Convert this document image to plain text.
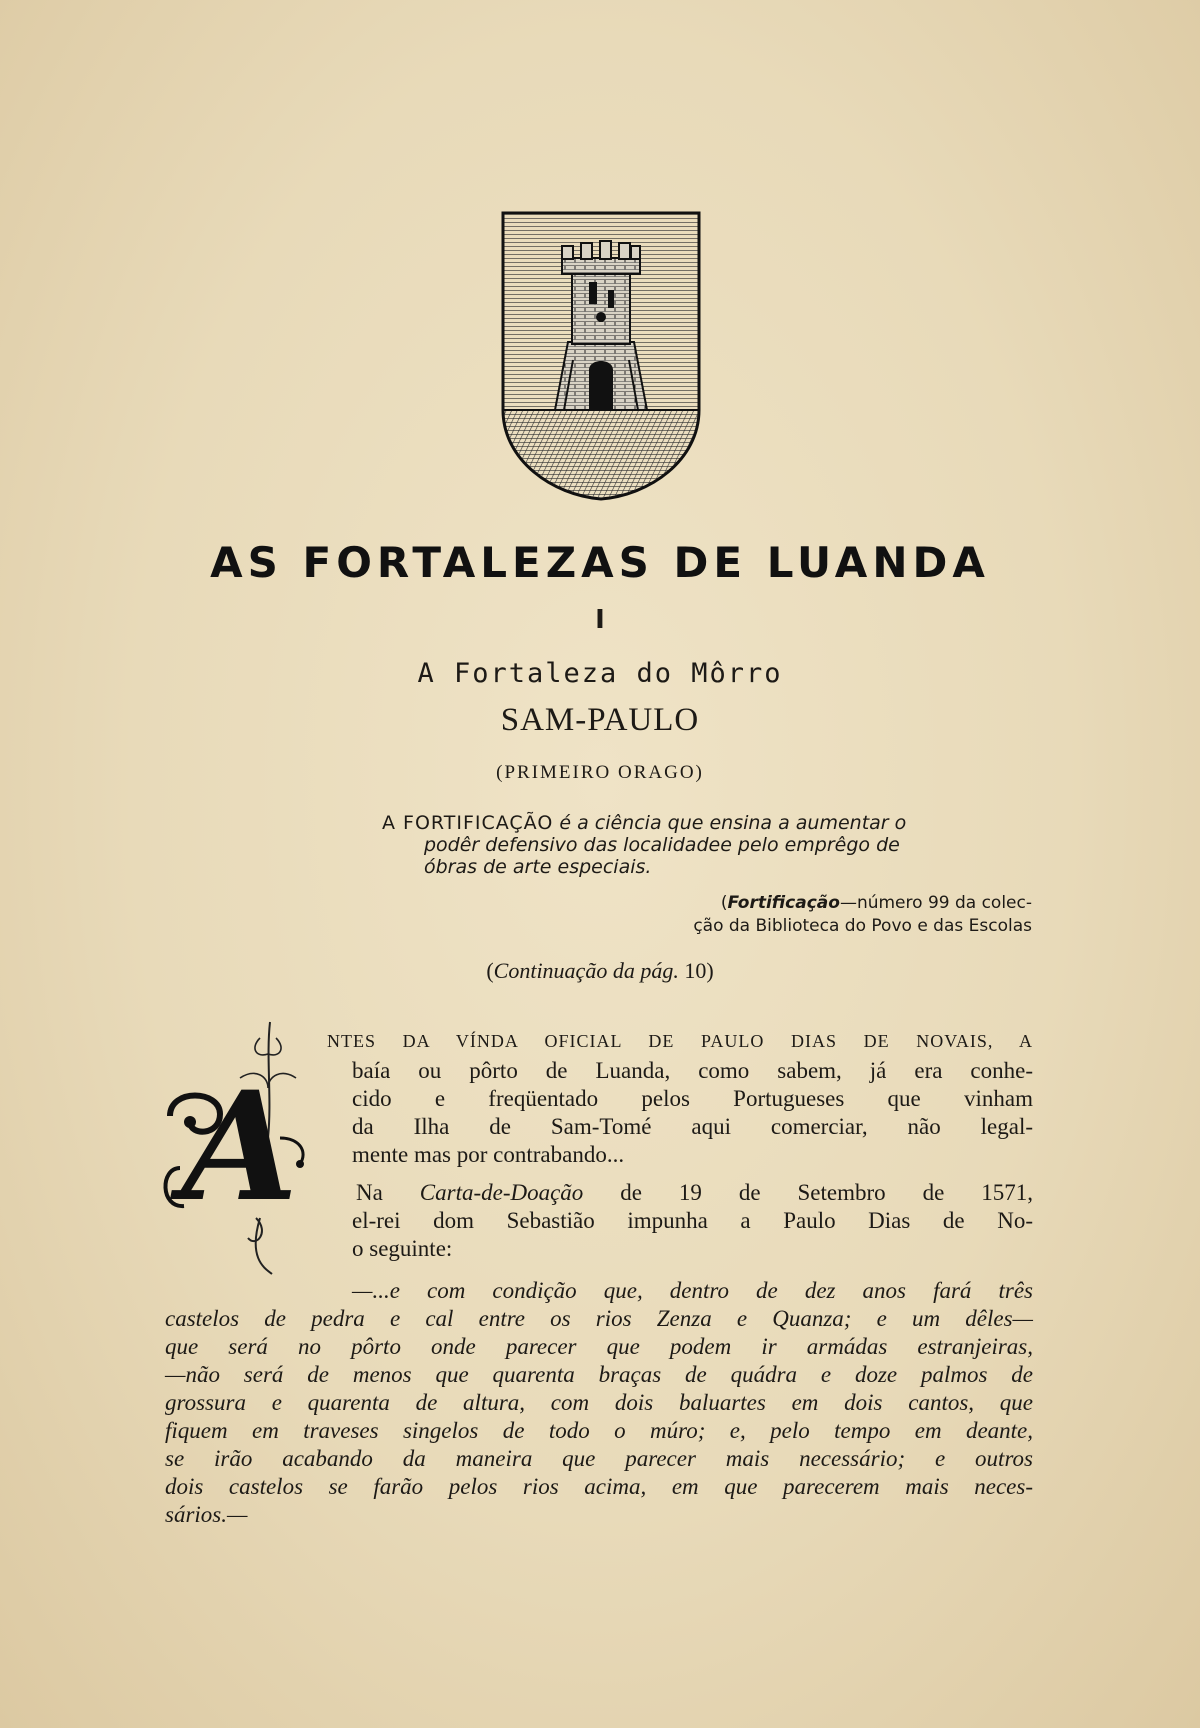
AS FORTALEZAS DE LUANDA
I
A Fortaleza do Môrro
SAM-PAULO
(PRIMEIRO ORAGO)
A FORTIFICAÇÃO é a ciência que ensina a aumentar o
podêr defensivo das localidadee pelo emprêgo de
óbras de arte especiais.
(Fortificação—número 99 da colec-
ção da Biblioteca do Povo e das Escolas
(Continuação da pág. 10)
A
NTES DA VÍNDA OFICIAL DE PAULO DIAS DE NOVAIS, A
baía ou pôrto de Luanda, como sabem, já era conhe-
cido e freqüentado pelos Portugueses que vinham
da Ilha de Sam-Tomé aqui comerciar, não legal-
mente mas por contrabando...
Na Carta-de-Doação de 19 de Setembro de 1571,
el-rei dom Sebastião impunha a Paulo Dias de No-
o seguinte:
—...e com condição que, dentro de dez anos fará três
castelos de pedra e cal entre os rios Zenza e Quanza; e um dêles—
que será no pôrto onde parecer que podem ir armádas estranjeiras,
—não será de menos que quarenta braças de quádra e doze palmos de
grossura e quarenta de altura, com dois baluartes em dois cantos, que
fiquem em traveses singelos de todo o múro; e, pelo tempo em deante,
se irão acabando da maneira que parecer mais necessário; e outros
dois castelos se farão pelos rios acima, em que parecerem mais neces-
sários.—
